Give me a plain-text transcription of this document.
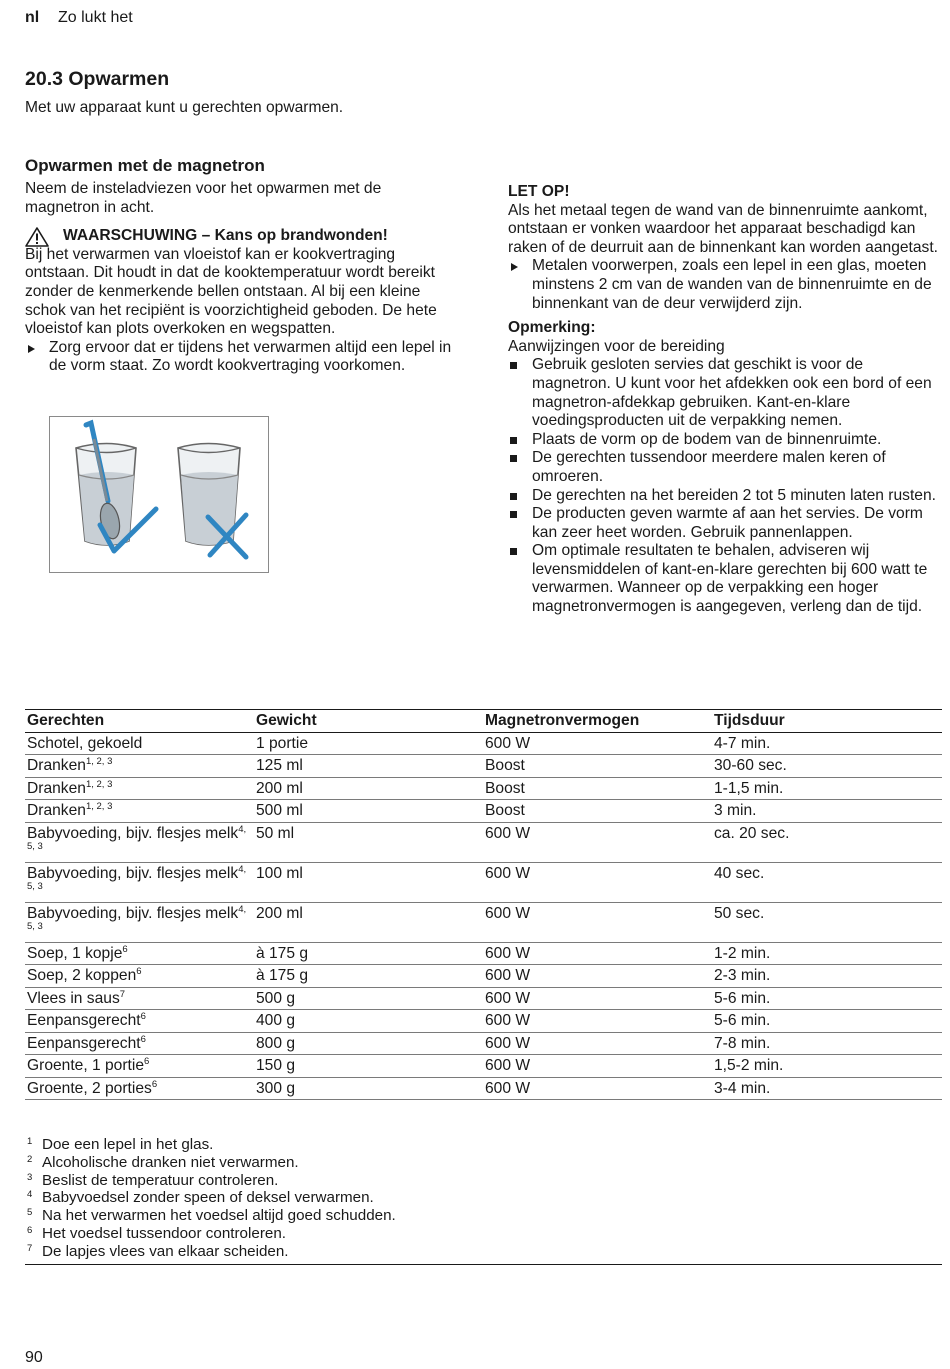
nl Zo lukt het
20.3 Opwarmen
Met uw apparaat kunt u gerechten opwarmen.
Opwarmen met de magnetron

Neem de insteladviezen voor het opwarmen met de magnetron in acht.

WAARSCHUWING – Kans op brandwonden!

Bij het verwarmen van vloeistof kan er kookvertraging ontstaan. Dit houdt in dat de kooktemperatuur wordt bereikt zonder de kenmerkende bellen ontstaan. Al bij een kleine schok van het recipiënt is voorzichtigheid geboden. De hete vloeistof kan plots overkoken en wegspatten.

Zorg ervoor dat er tijdens het verwarmen altijd een lepel in de vorm staat. Zo wordt kookvertraging voorkomen.

LET OP!

Als het metaal tegen de wand van de binnenruimte aankomt, ontstaan er vonken waardoor het apparaat beschadigd kan raken of de deurruit aan de binnenkant kan worden aangetast.

Metalen voorwerpen, zoals een lepel in een glas, moeten minstens 2 cm van de wanden van de binnenruimte en de binnenkant van de deur verwijderd zijn.

Opmerking:

Aanwijzingen voor de bereiding

Gebruik gesloten servies dat geschikt is voor de magnetron. U kunt voor het afdekken ook een bord of een magnetron-afdekkap gebruiken. Kant-en-klare voedingsproducten uit de verpakking nemen.
Plaats de vorm op de bodem van de binnenruimte.
De gerechten tussendoor meerdere malen keren of omroeren.
De gerechten na het bereiden 2 tot 5 minuten laten rusten.
De producten geven warmte af aan het servies. De vorm kan zeer heet worden. Gebruik pannenlappen.
Om optimale resultaten te behalen, adviseren wij levensmiddelen of kant-en-klare gerechten bij 600 watt te verwarmen. Wanneer op de verpakking een hoger magnetronvermogen is aangegeven, verleng dan de tijd.
Gerechten	Gewicht	Magnetronvermogen	Tijdsduur
Schotel, gekoeld	1 portie	600 W	4-7 min.
Dranken$^{1, 2, 3}$	125 ml	Boost	30-60 sec.
Dranken$^{1, 2, 3}$	200 ml	Boost	1-1,5 min.
Dranken$^{1, 2, 3}$	500 ml	Boost	3 min.
Babyvoeding, bijv. flesjes melk$^{4, 5, 3}$	50 ml	600 W	ca. 20 sec.
Babyvoeding, bijv. flesjes melk$^{4, 5, 3}$	100 ml	600 W	40 sec.
Babyvoeding, bijv. flesjes melk$^{4, 5, 3}$	200 ml	600 W	50 sec.
Soep, 1 kopje$^6$	à 175 g	600 W	1-2 min.
Soep, 2 koppen$^6$	à 175 g	600 W	2-3 min.
Vlees in saus$^7$	500 g	600 W	5-6 min.
Eenpansgerecht$^6$	400 g	600 W	5-6 min.
Eenpansgerecht$^6$	800 g	600 W	7-8 min.
Groente, 1 portie$^6$	150 g	600 W	1,5-2 min.
Groente, 2 porties$^6$	300 g	600 W	3-4 min.
1 Doe een lepel in het glas.
2 Alcoholische dranken niet verwarmen.
3 Beslist de temperatuur controleren.
4 Babyvoedsel zonder speen of deksel verwarmen.
5 Na het verwarmen het voedsel altijd goed schudden.
6 Het voedsel tussendoor controleren.
7 De lapjes vlees van elkaar scheiden.
90
